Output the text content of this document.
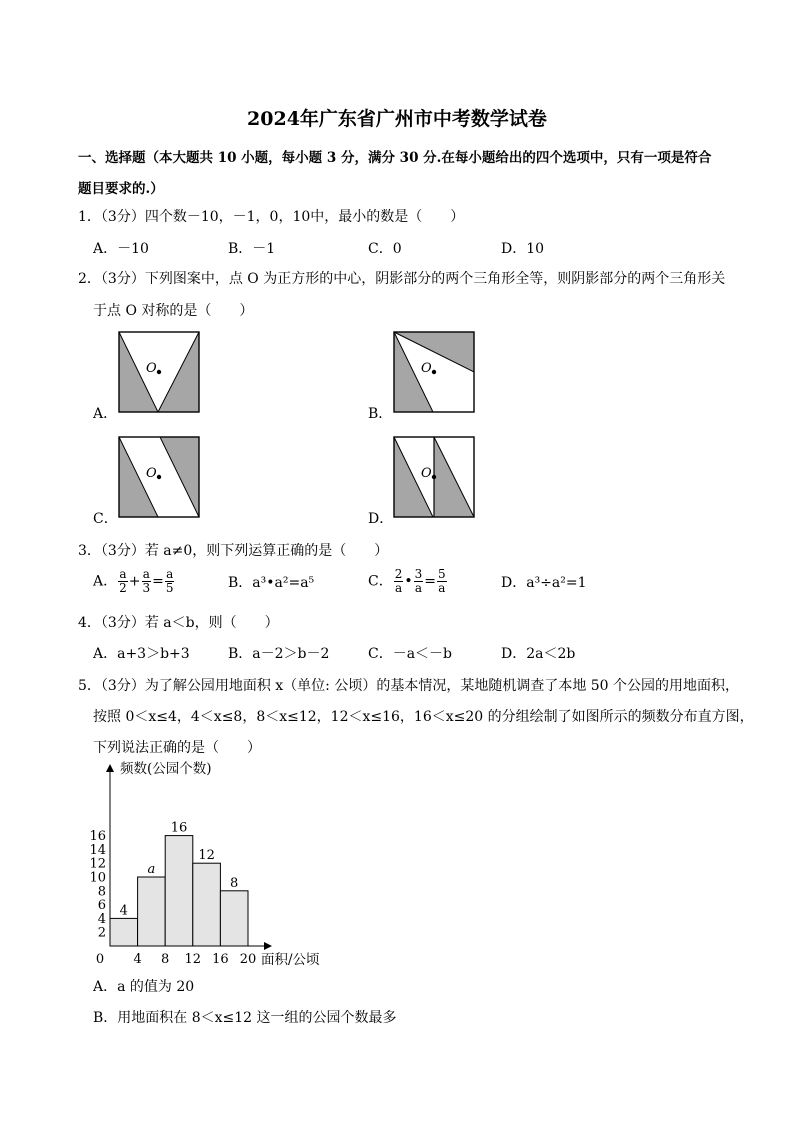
2024年广东省广州市中考数学试卷
一、选择题（本大题共 10 小题，每小题 3 分，满分 30 分.在每小题给出的四个选项中，只有一项是符合
题目要求的.）
1．（3分）四个数－10，－1，0，10中，最小的数是（　　）
A．－10	B．－1	C．0	D．10
2．（3分）下列图案中，点 O 为正方形的中心，阴影部分的两个三角形全等，则阴影部分的两个三角形关
于点 O 对称的是（　　）
A．
O
B．
O
C．
O
D．
O
3．（3分）若 a≠0，则下列运算正确的是（　　）
A． $\frac{a}{2} + \frac{a}{3} = \frac{a}{5}$	B．a³•a²=a⁵	C． $\frac{2}{a}$ • $\frac{3}{a} = \frac{5}{a}$	D．a³÷a²=1
4．（3分）若 a＜b，则（　　）
A．a+3＞b+3	B．a－2＞b－2	C．－a＜－b	D．2a＜2b
5．（3分）为了解公园用地面积 x（单位: 公顷）的基本情况，某地随机调查了本地 50 个公园的用地面积，
按照 0＜x≤4，4＜x≤8，8＜x≤12，12＜x≤16，16＜x≤20 的分组绘制了如图所示的频数分布直方图，
下列说法正确的是（　　）
2
4
6
8
10
12
14
16
0 4 8 12 16 20
4
a
16
12
8
频数(公园个数)
面积/公顷
A．a 的值为 20
B．用地面积在 8＜x≤12 这一组的公园个数最多
